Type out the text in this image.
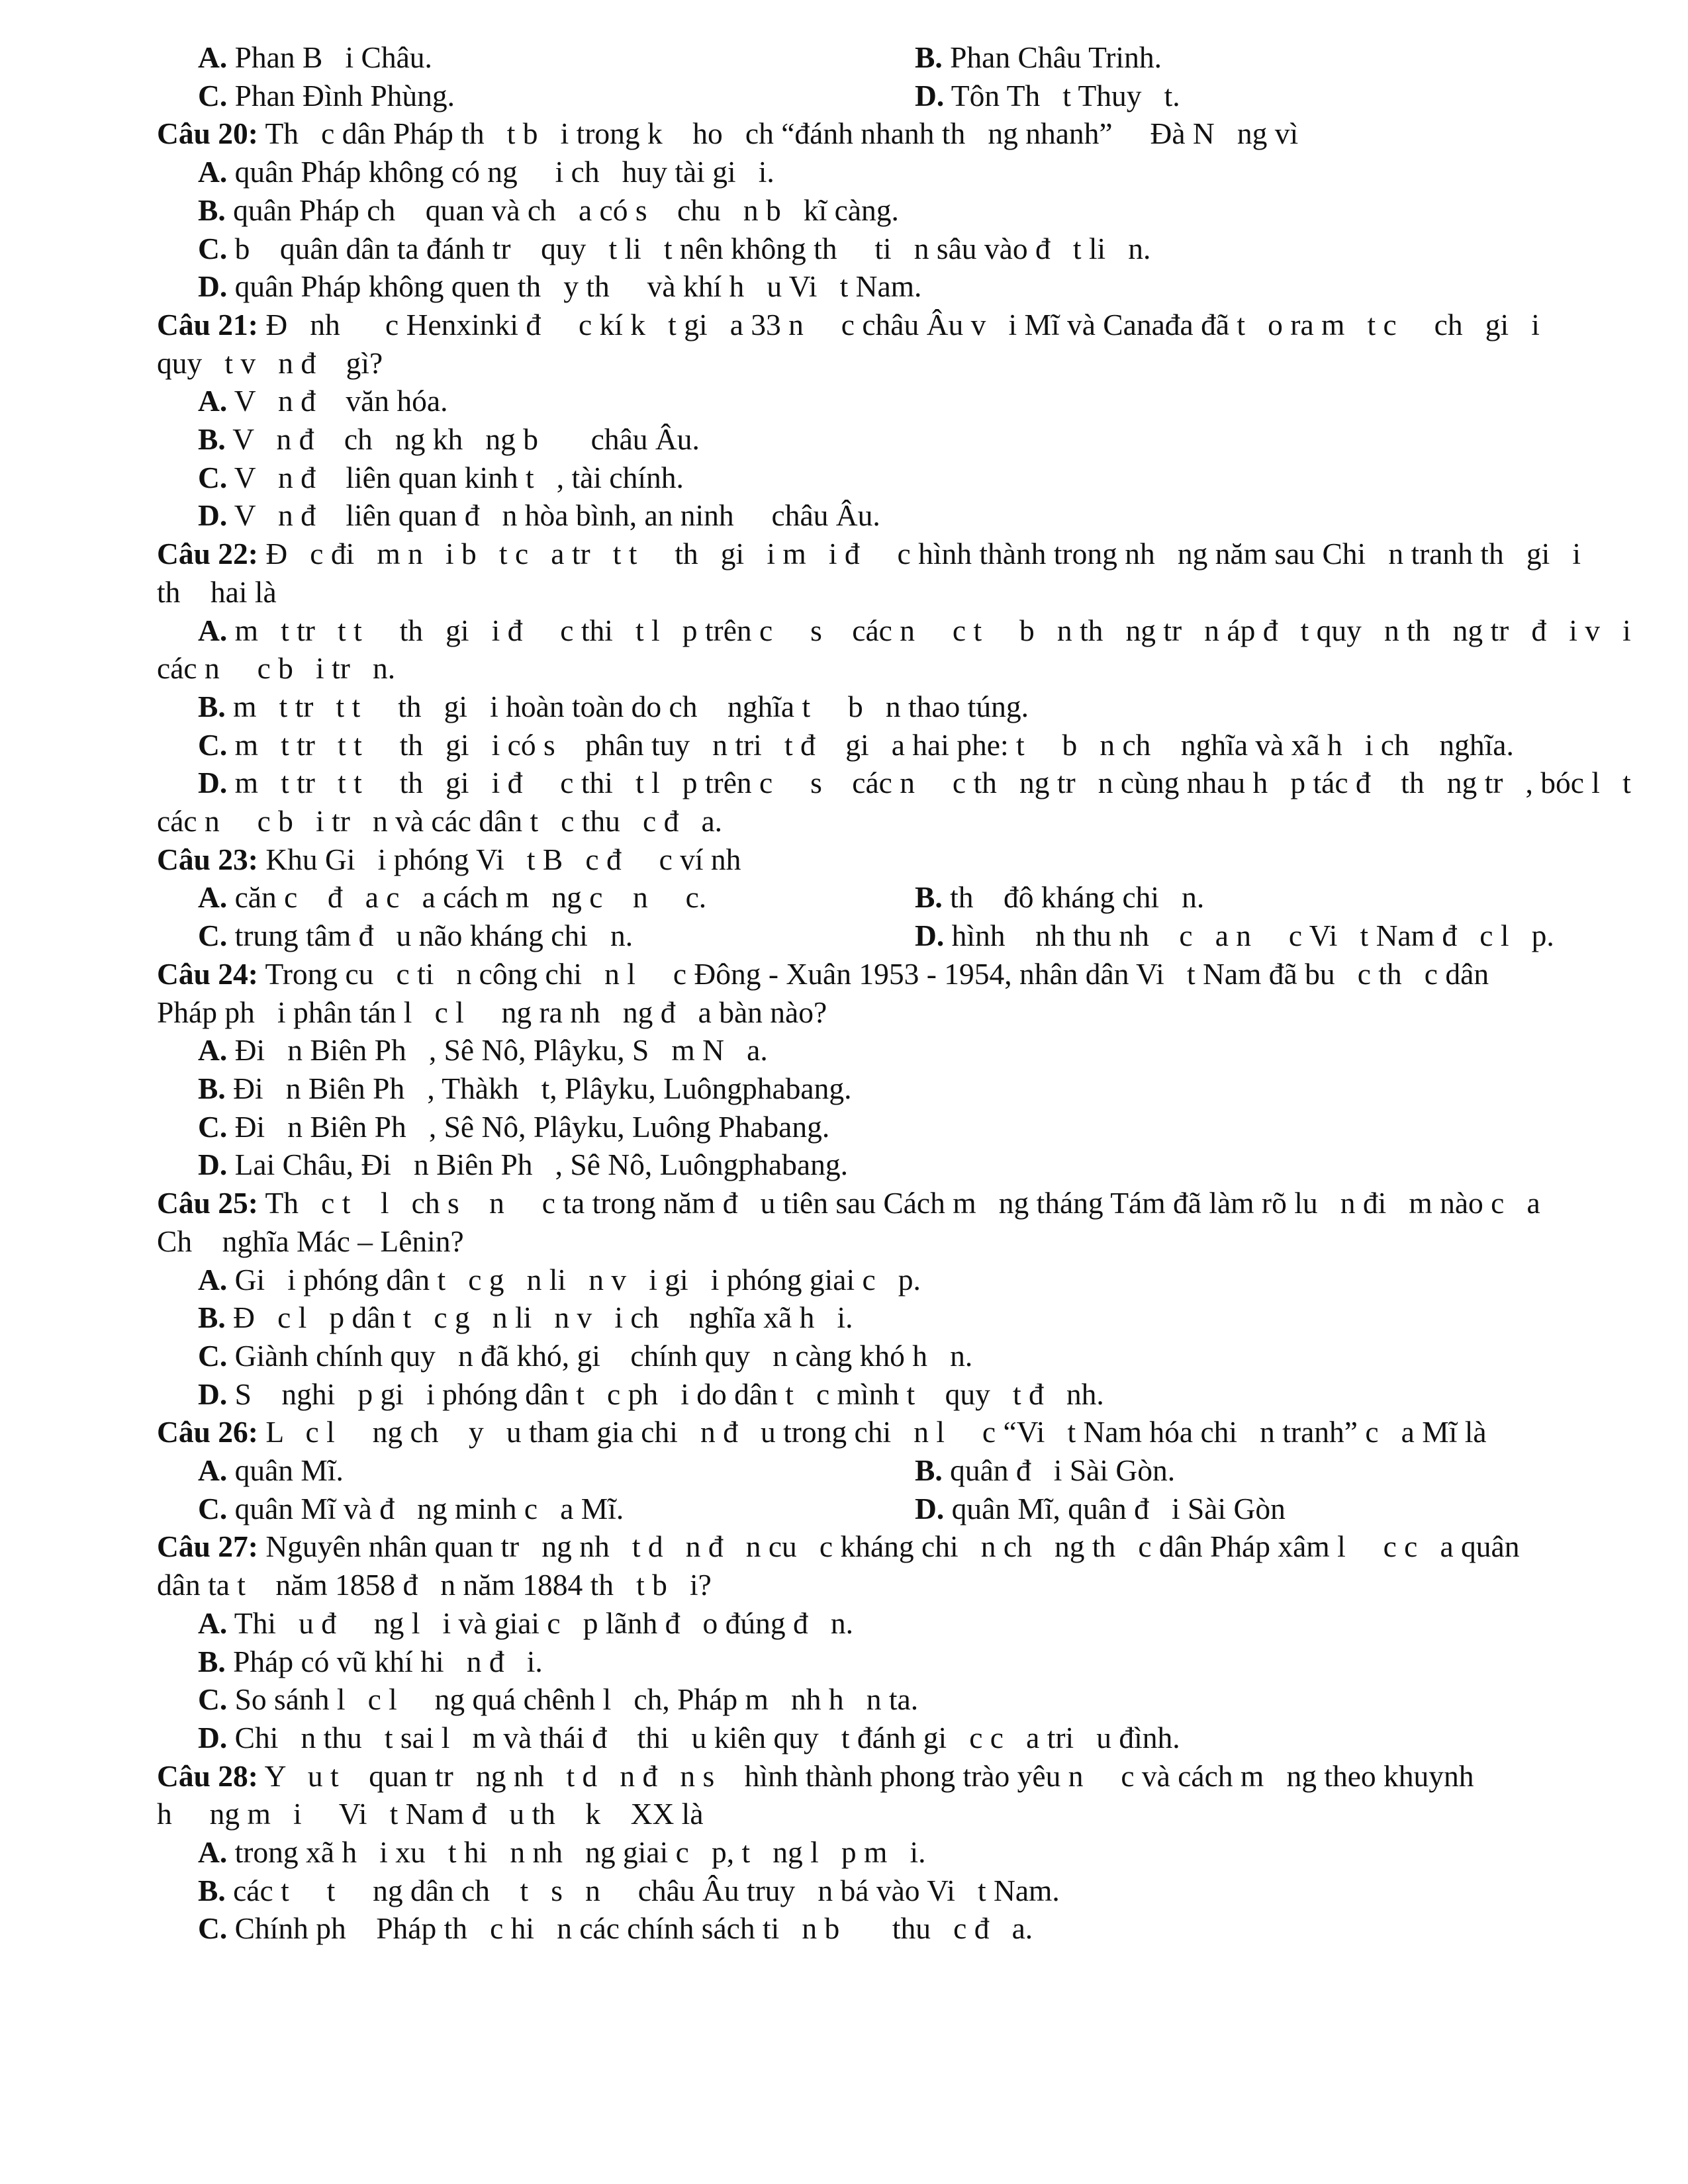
A. Phan B   i Châu.	B. Phan Châu Trinh.
C. Phan Đình Phùng.	D. Tôn Th   t Thuy   t.
Câu 20: Th   c dân Pháp th   t b   i trong k    ho   ch “đánh nhanh th   ng nhanh”     Đà N   ng vì
A. quân Pháp không có ng     i ch   huy tài gi   i.
B. quân Pháp ch    quan và ch   a có s    chu   n b   kĩ càng.
C. b    quân dân ta đánh tr    quy   t li   t nên không th     ti   n sâu vào đ   t li   n.
D. quân Pháp không quen th   y th     và khí h   u Vi   t Nam.
Câu 21: Đ   nh      c Henxinki đ     c kí k   t gi   a 33 n     c châu Âu v   i Mĩ và Canađa đã t   o ra m   t c     ch   gi   i
quy   t v   n đ    gì?
A. V   n đ    văn hóa.
B. V   n đ    ch   ng kh   ng b       châu Âu.
C. V   n đ    liên quan kinh t   , tài chính.
D. V   n đ    liên quan đ   n hòa bình, an ninh     châu Âu.
Câu 22: Đ   c đi   m n   i b   t c   a tr   t t     th   gi   i m   i đ     c hình thành trong nh   ng năm sau Chi   n tranh th   gi   i
th    hai là
A. m   t tr   t t     th   gi   i đ     c thi   t l   p trên c     s    các n     c t     b   n th   ng tr   n áp đ   t quy   n th   ng tr   đ   i v   i
các n     c b   i tr   n.
B. m   t tr   t t     th   gi   i hoàn toàn do ch    nghĩa t     b   n thao túng.
C. m   t tr   t t     th   gi   i có s    phân tuy   n tri   t đ    gi   a hai phe: t     b   n ch    nghĩa và xã h   i ch    nghĩa.
D. m   t tr   t t     th   gi   i đ     c thi   t l   p trên c     s    các n     c th   ng tr   n cùng nhau h   p tác đ    th   ng tr   , bóc l   t
các n     c b   i tr   n và các dân t   c thu   c đ   a.
Câu 23: Khu Gi   i phóng Vi   t B   c đ     c ví nh
A. căn c    đ   a c   a cách m   ng c    n     c.	B. th    đô kháng chi   n.
C. trung tâm đ   u não kháng chi   n.	D. hình    nh thu nh    c   a n     c Vi   t Nam đ   c l   p.
Câu 24: Trong cu   c ti   n công chi   n l     c Đông - Xuân 1953 - 1954, nhân dân Vi   t Nam đã bu   c th   c dân
Pháp ph   i phân tán l   c l     ng ra nh   ng đ   a bàn nào?
A. Đi   n Biên Ph   , Sê Nô, Plâyku, S   m N   a.
B. Đi   n Biên Ph   , Thàkh   t, Plâyku, Luôngphabang.
C. Đi   n Biên Ph   , Sê Nô, Plâyku, Luông Phabang.
D. Lai Châu, Đi   n Biên Ph   , Sê Nô, Luôngphabang.
Câu 25: Th   c t    l   ch s    n     c ta trong năm đ   u tiên sau Cách m   ng tháng Tám đã làm rõ lu   n đi   m nào c   a
Ch    nghĩa Mác – Lênin?
A. Gi   i phóng dân t   c g   n li   n v   i gi   i phóng giai c   p.
B. Đ   c l   p dân t   c g   n li   n v   i ch    nghĩa xã h   i.
C. Giành chính quy   n đã khó, gi    chính quy   n càng khó h   n.
D. S    nghi   p gi   i phóng dân t   c ph   i do dân t   c mình t    quy   t đ   nh.
Câu 26: L   c l     ng ch    y   u tham gia chi   n đ   u trong chi   n l     c “Vi   t Nam hóa chi   n tranh” c   a Mĩ là
A. quân Mĩ.	B. quân đ   i Sài Gòn.
C. quân Mĩ và đ   ng minh c   a Mĩ.	D. quân Mĩ, quân đ   i Sài Gòn
Câu 27: Nguyên nhân quan tr   ng nh   t d   n đ   n cu   c kháng chi   n ch   ng th   c dân Pháp xâm l     c c   a quân
dân ta t    năm 1858 đ   n năm 1884 th   t b   i?
A. Thi   u đ     ng l   i và giai c   p lãnh đ   o đúng đ   n.
B. Pháp có vũ khí hi   n đ   i.
C. So sánh l   c l     ng quá chênh l   ch, Pháp m   nh h   n ta.
D. Chi   n thu   t sai l   m và thái đ    thi   u kiên quy   t đánh gi   c c   a tri   u đình.
Câu 28: Y   u t    quan tr   ng nh   t d   n đ   n s    hình thành phong trào yêu n     c và cách m   ng theo khuynh
h     ng m   i     Vi   t Nam đ   u th    k    XX là
A. trong xã h   i xu   t hi   n nh   ng giai c   p, t   ng l   p m   i.
B. các t     t     ng dân ch    t   s   n     châu Âu truy   n bá vào Vi   t Nam.
C. Chính ph    Pháp th   c hi   n các chính sách ti   n b       thu   c đ   a.
